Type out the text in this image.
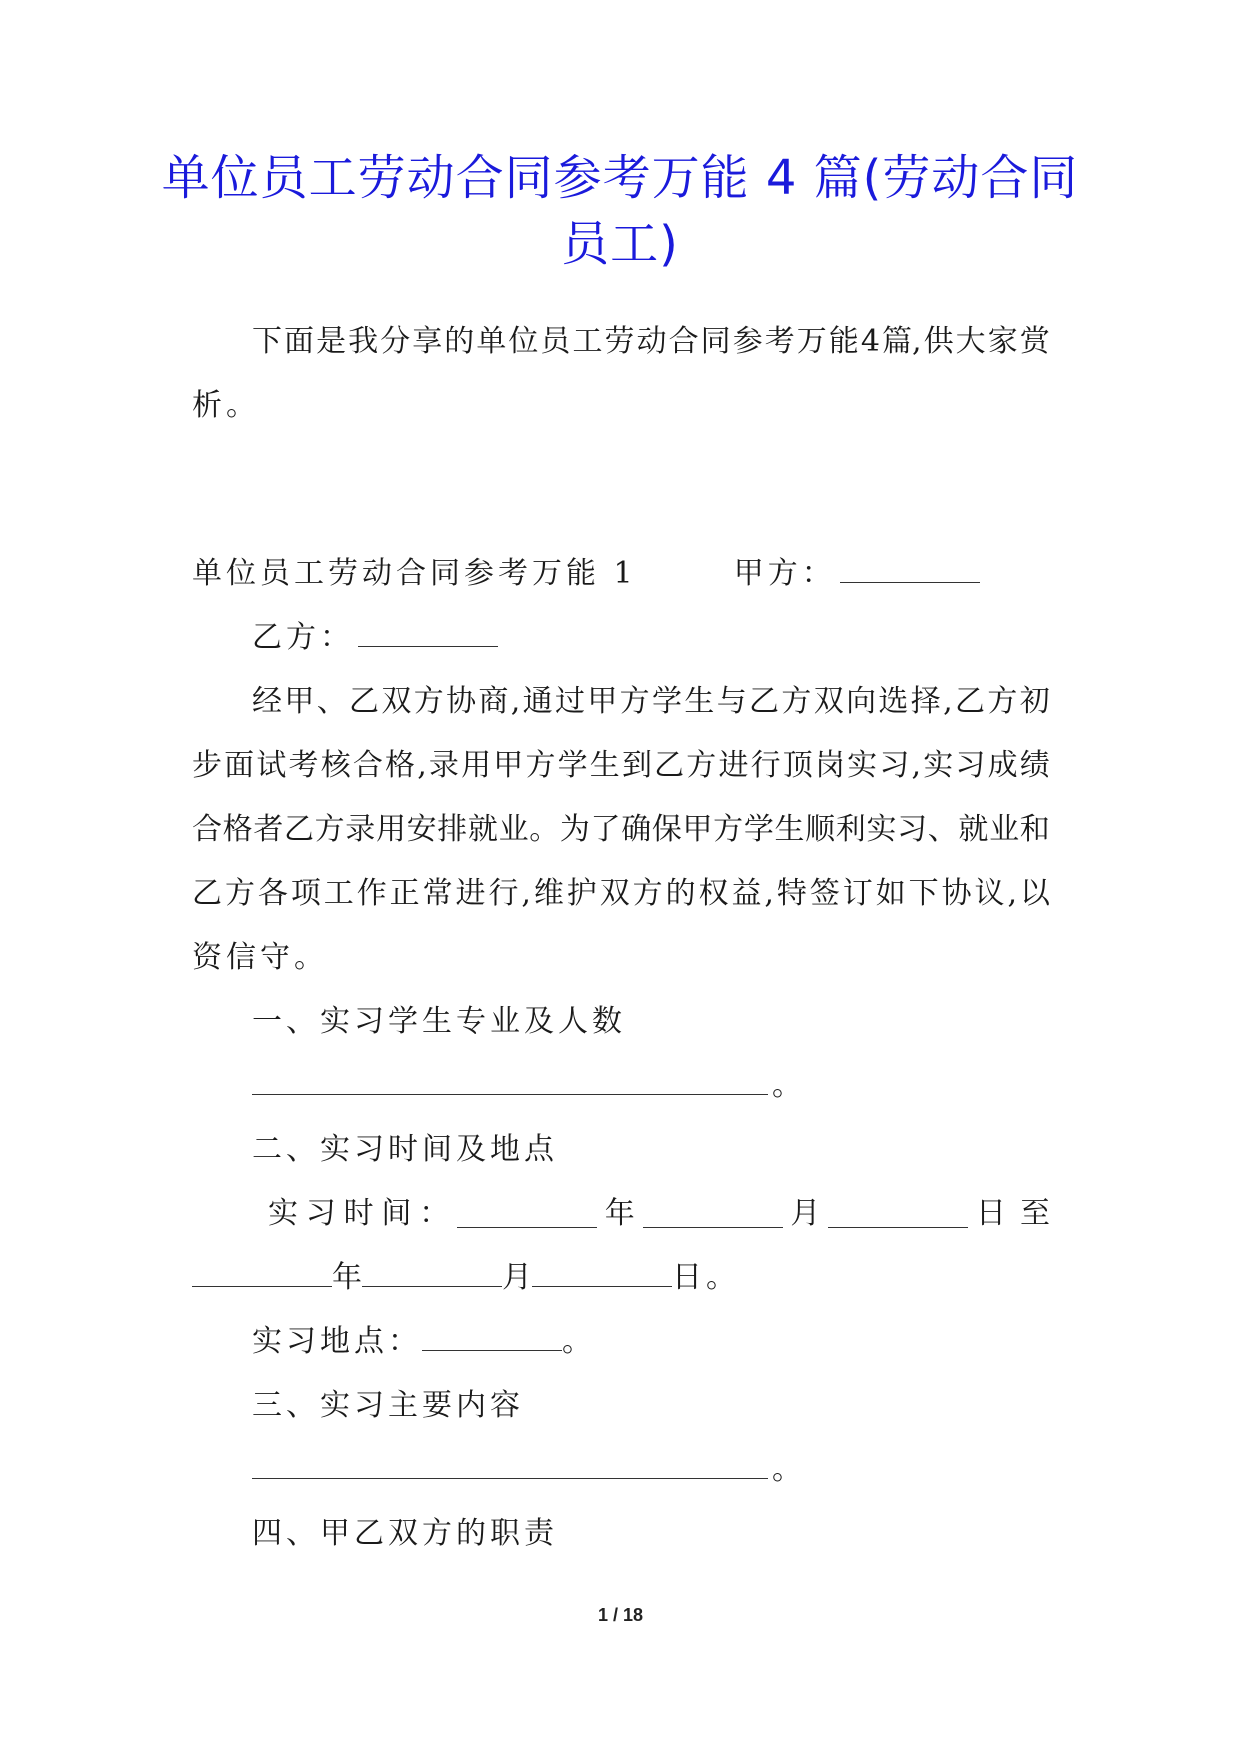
单位员工劳动合同参考万能 4 篇(劳动合同
员工)
下 面 是 我 分 享 的 单 位 员 工 劳 动 合 同 参 考 万 能 4 篇, 供 大 家 赏
析。
单位员工劳动合同参考万能 1	甲方：
乙方：
经 甲 、 乙 双 方 协 商 , 通 过 甲 方 学 生 与 乙 方 双 向 选 择 , 乙 方 初
步 面 试 考 核 合 格 , 录 用 甲 方 学 生 到 乙 方 进 行 顶 岗 实 习 , 实 习 成 绩
合 格 者 乙 方 录 用 安 排 就 业 。 为 了 确 保 甲 方 学 生 顺 利 实 习 、 就 业 和
乙 方 各 项 工 作 正 常 进 行 , 维 护 双 方 的 权 益 , 特 签 订 如 下 协 议 , 以
资信守。
一、实习学生专业及人数
。
二、实习时间及地点
实 习 时 间 ：	年	月	日至
年	月	日。
实习地点：	。
三、实习主要内容
。
四、甲乙双方的职责
1 / 18
